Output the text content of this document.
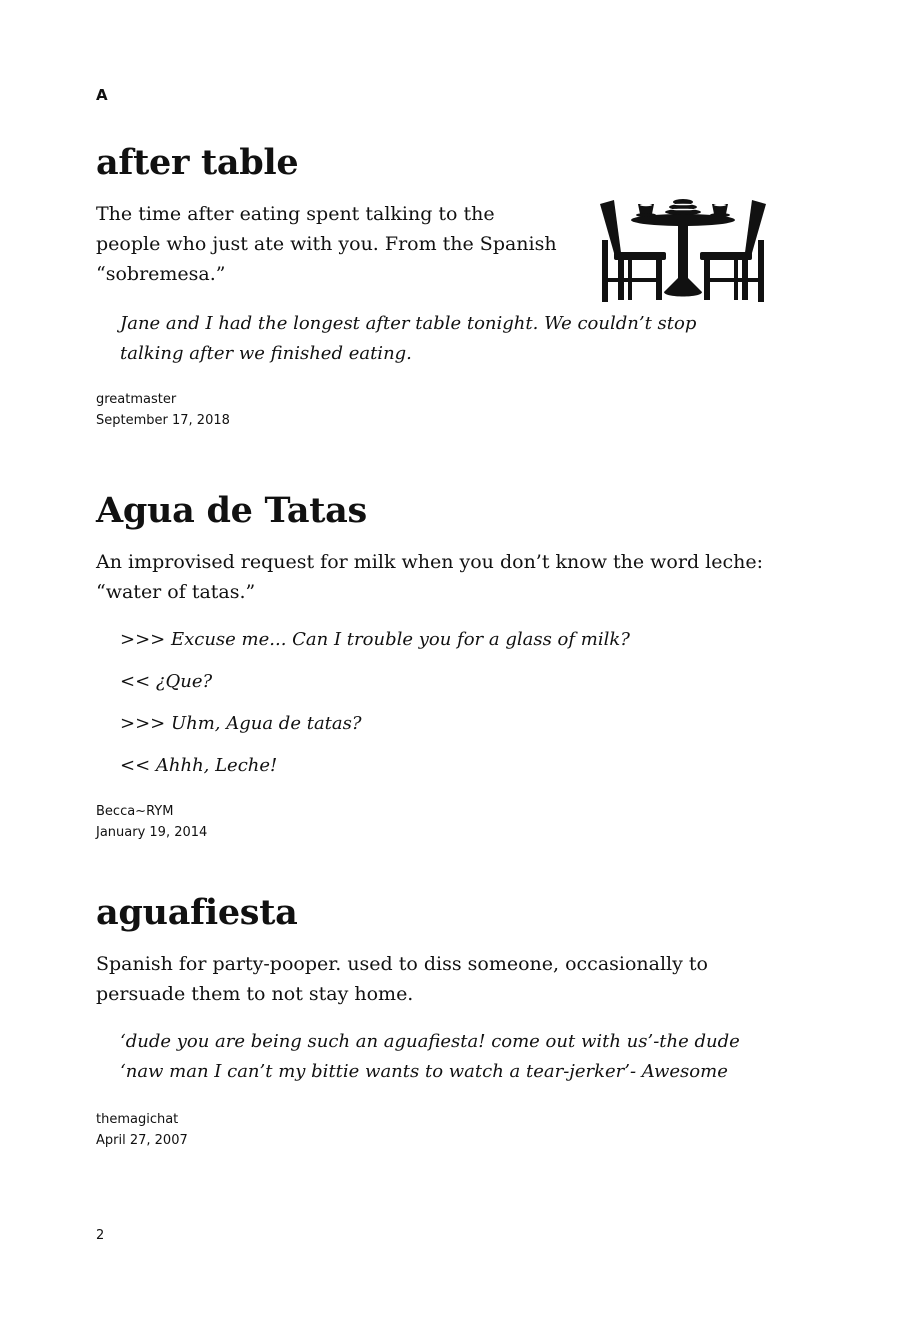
A
after table

The time after eating spent talking to the
people who just ate with you. From the Spanish
“sobremesa.”

Jane and I had the longest after table tonight. We couldn’t stop
talking after we finished eating.
greatmaster
September 17, 2018
Agua de Tatas

An improvised request for milk when you don’t know the word leche:
“water of tatas.”

>>> Excuse me... Can I trouble you for a glass of milk?
<< ¿Que?
>>> Uhm, Agua de tatas?
<< Ahhh, Leche!
Becca~RYM
January 19, 2014
aguafiesta

Spanish for party-pooper. used to diss someone, occasionally to
persuade them to not stay home.

‘dude you are being such an aguafiesta! come out with us’-the dude
‘naw man I can’t my bittie wants to watch a tear-jerker’- Awesome
themagichat
April 27, 2007
2
